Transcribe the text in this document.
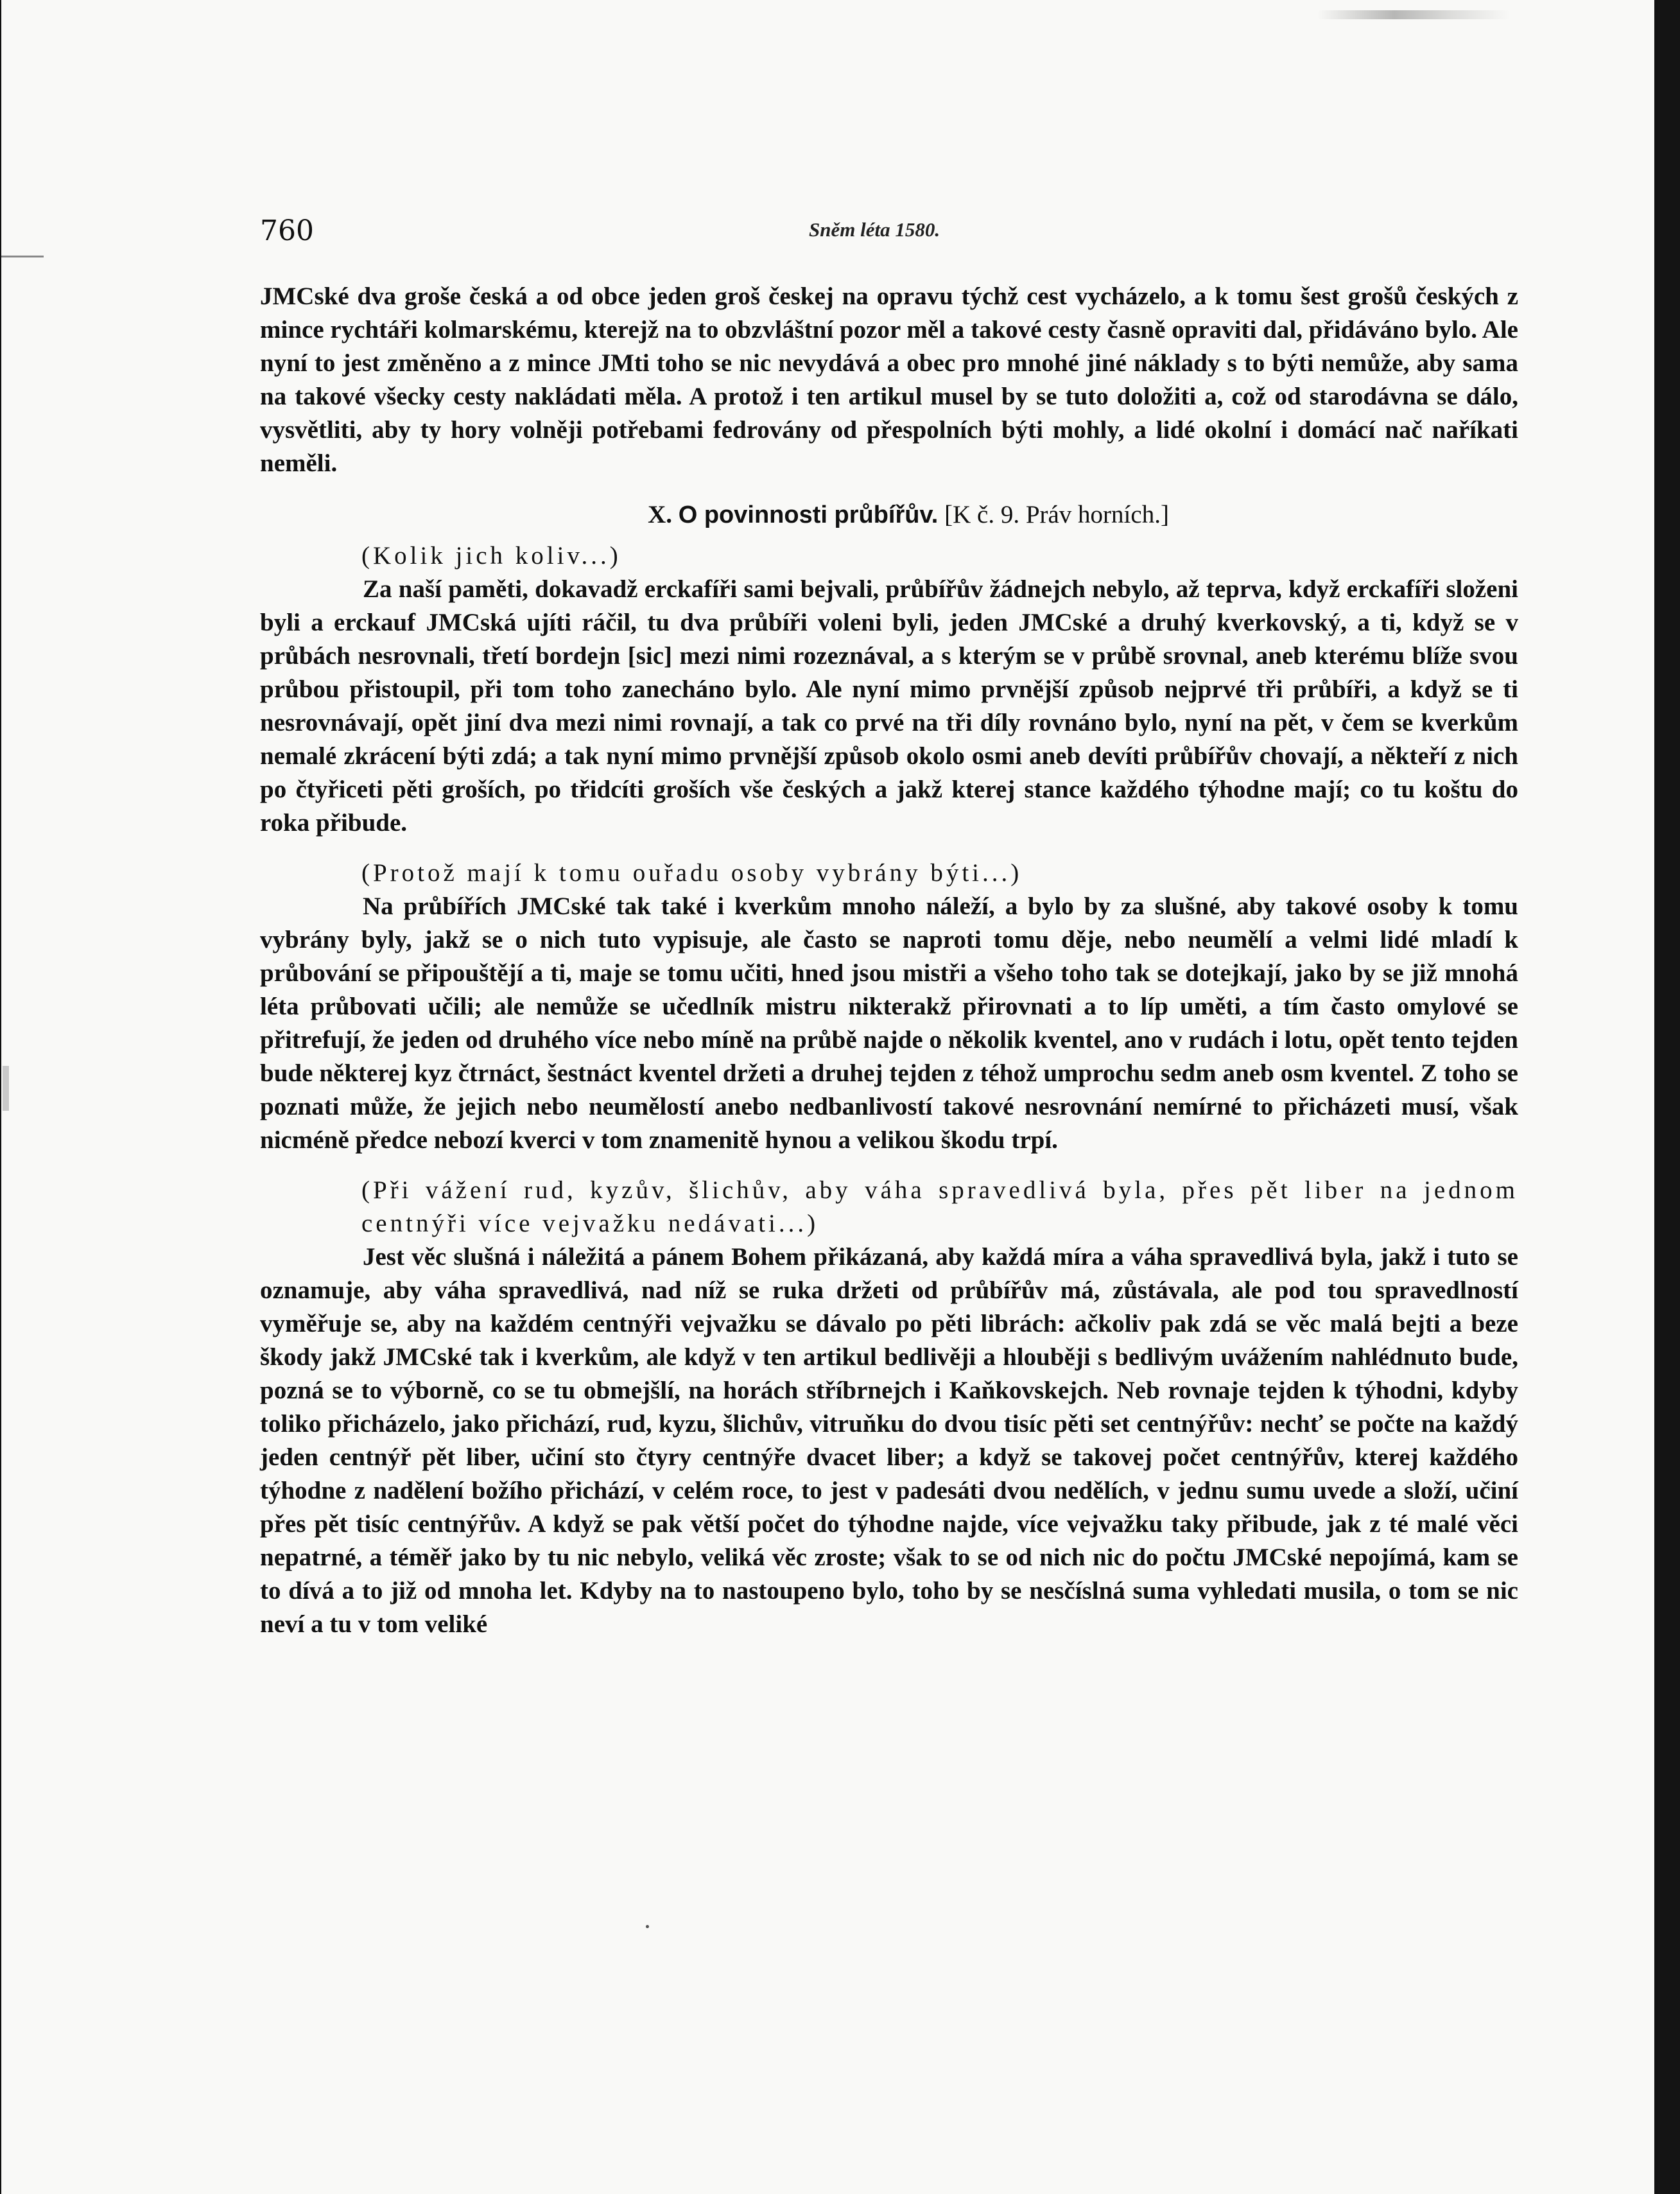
760	Sněm léta 1580.

JMCské dva groše česká a od obce jeden groš českej na opravu týchž cest vycházelo, a k tomu šest grošů českých z mince rychtáři kolmarskému, kterejž na to obzvláštní pozor měl a takové cesty časně opraviti dal, přidáváno bylo. Ale nyní to jest změněno a z mince JMti toho se nic nevydává a obec pro mnohé jiné náklady s to býti nemůže, aby sama na takové všecky cesty nakládati měla. A protož i ten artikul musel by se tuto doložiti a, což od starodávna se dálo, vysvětliti, aby ty hory volněji potřebami fedrovány od přespolních býti mohly, a lidé okolní i domácí nač naříkati neměli.

X. O povinnosti průbířův. [K č. 9. Práv horních.]

(Kolik jich koliv...)

Za naší paměti, dokavadž erckafíři sami bejvali, průbířův žádnejch nebylo, až teprva, když erckafíři složeni byli a erckauf JMCská ujíti ráčil, tu dva průbíři voleni byli, jeden JMCské a druhý kverkovský, a ti, když se v průbách nesrovnali, třetí bordejn [sic] mezi nimi rozeznával, a s kterým se v průbě srovnal, aneb kterému blíže svou průbou přistoupil, při tom toho zanecháno bylo. Ale nyní mimo prvnější způsob nejprvé tři průbíři, a když se ti nesrovnávají, opět jiní dva mezi nimi rovnají, a tak co prvé na tři díly rovnáno bylo, nyní na pět, v čem se kverkům nemalé zkrácení býti zdá; a tak nyní mimo prvnější způsob okolo osmi aneb devíti průbířův chovají, a někteří z nich po čtyřiceti pěti groších, po třidcíti groších vše českých a jakž kterej stance každého týhodne mají; co tu koštu do roka přibude.

(Protož mají k tomu ouřadu osoby vybrány býti...)

Na průbířích JMCské tak také i kverkům mnoho náleží, a bylo by za slušné, aby takové osoby k tomu vybrány byly, jakž se o nich tuto vypisuje, ale často se naproti tomu děje, nebo neumělí a velmi lidé mladí k průbování se připouštějí a ti, maje se tomu učiti, hned jsou mistři a všeho toho tak se dotejkají, jako by se již mnohá léta průbovati učili; ale nemůže se učedlník mistru nikterakž přirovnati a to líp uměti, a tím často omylové se přitrefují, že jeden od druhého více nebo míně na průbě najde o několik kventel, ano v rudách i lotu, opět tento tejden bude některej kyz čtrnáct, šestnáct kventel držeti a druhej tejden z téhož umprochu sedm aneb osm kventel. Z toho se poznati může, že jejich nebo neumělostí anebo nedbanlivostí takové nesrovnání nemírné to přicházeti musí, však nicméně předce nebozí kverci v tom znamenitě hynou a velikou škodu trpí.

(Při vážení rud, kyzův, šlichův, aby váha spravedlivá byla, přes pět liber na jednom centnýři více vejvažku nedávati...)

Jest věc slušná i náležitá a pánem Bohem přikázaná, aby každá míra a váha spravedlivá byla, jakž i tuto se oznamuje, aby váha spravedlivá, nad níž se ruka držeti od průbířův má, zůstávala, ale pod tou spravedlností vyměřuje se, aby na každém centnýři vejvažku se dávalo po pěti librách: ačkoliv pak zdá se věc malá bejti a beze škody jakž JMCské tak i kverkům, ale když v ten artikul bedlivěji a hlouběji s bedlivým uvážením nahlédnuto bude, pozná se to výborně, co se tu obmejšlí, na horách stříbrnejch i Kaňkovskejch. Neb rovnaje tejden k týhodni, kdyby toliko přicházelo, jako přichází, rud, kyzu, šlichův, vitruňku do dvou tisíc pěti set centnýřův: nechť se počte na každý jeden centnýř pět liber, učiní sto čtyry centnýře dvacet liber; a když se takovej počet centnýřův, kterej každého týhodne z nadělení božího přichází, v celém roce, to jest v padesáti dvou nedělích, v jednu sumu uvede a složí, učiní přes pět tisíc centnýřův. A když se pak větší počet do týhodne najde, více vejvažku taky přibude, jak z té malé věci nepatrné, a téměř jako by tu nic nebylo, veliká věc zroste; však to se od nich nic do počtu JMCské nepojímá, kam se to dívá a to již od mnoha let. Kdyby na to nastoupeno bylo, toho by se nesčíslná suma vyhledati musila, o tom se nic neví a tu v tom veliké
